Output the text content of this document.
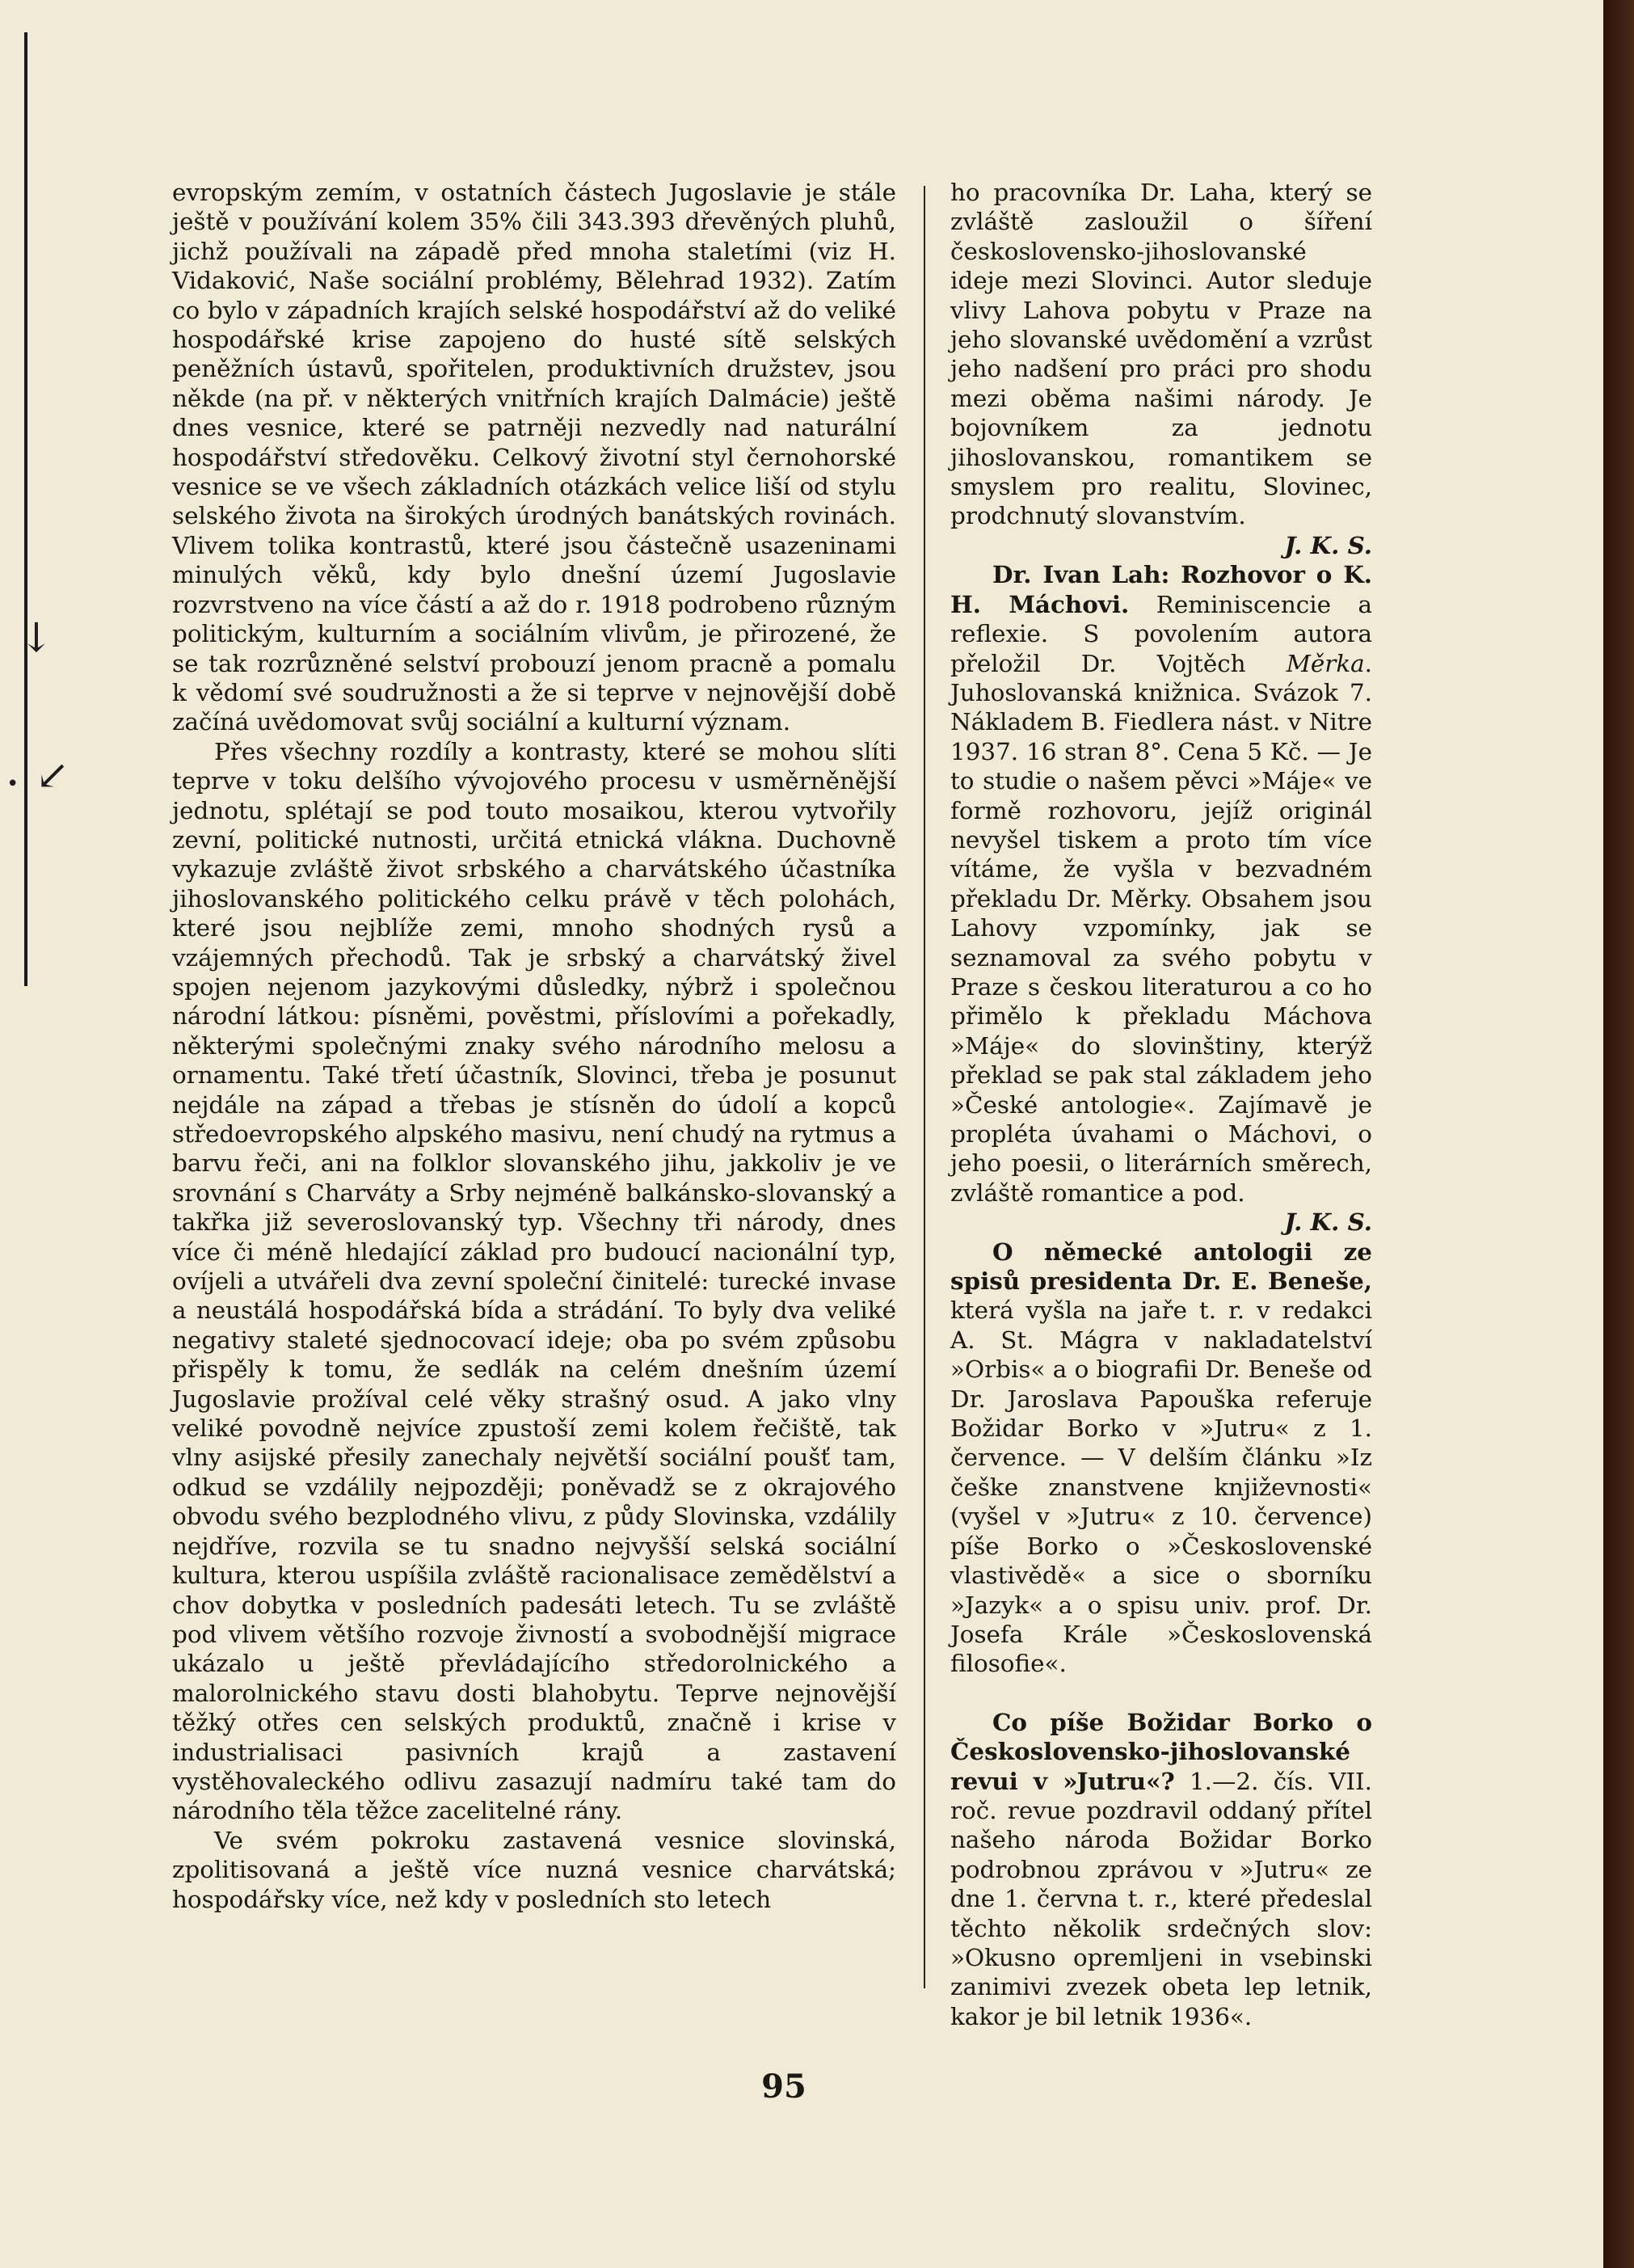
↓
↙
•

evropským zemím, v ostatních částech Jugoslavie je stále ještě v používání kolem 35% čili 343.393 dřevěných pluhů, jichž používali na západě před mnoha staletími (viz H. Vidaković, Naše sociální problémy, Bělehrad 1932). Zatím co bylo v západních krajích selské hospodářství až do veliké hospodářské krise zapojeno do husté sítě selských peněžních ústavů, spořitelen, produktivních družstev, jsou někde (na př. v některých vnitřních krajích Dalmácie) ještě dnes vesnice, které se patrněji nezvedly nad naturální hospodářství středověku. Celkový životní styl černohorské vesnice se ve všech základních otázkách velice liší od stylu selského života na širokých úrodných banátských rovinách. Vlivem tolika kontrastů, které jsou částečně usazeninami minulých věků, kdy bylo dnešní území Jugoslavie rozvrstveno na více částí a až do r. 1918 podrobeno různým politickým, kulturním a sociálním vlivům, je přirozené, že se tak rozrůzněné selství probouzí jenom pracně a pomalu k vědomí své soudružnosti a že si teprve v nejnovější době začíná uvědomovat svůj sociální a kulturní význam.

Přes všechny rozdíly a kontrasty, které se mohou slíti teprve v toku delšího vývojového procesu v usměrněnější jednotu, splétají se pod touto mosaikou, kterou vytvořily zevní, politické nutnosti, určitá etnická vlákna. Duchovně vykazuje zvláště život srbského a charvátského účastníka jihoslovanského politického celku právě v těch polohách, které jsou nejblíže zemi, mnoho shodných rysů a vzájemných přechodů. Tak je srbský a charvátský živel spojen nejenom jazykovými důsledky, nýbrž i společnou národní látkou: písněmi, pověstmi, příslovími a pořekadly, některými společnými znaky svého národního melosu a ornamentu. Také třetí účastník, Slovinci, třeba je posunut nejdále na západ a třebas je stísněn do údolí a kopců středoevropského alpského masivu, není chudý na rytmus a barvu řeči, ani na folklor slovanského jihu, jakkoliv je ve srovnání s Charváty a Srby nejméně balkánsko-slovanský a takřka již severoslovanský typ. Všechny tři národy, dnes více či méně hledající základ pro budoucí nacionální typ, ovíjeli a utvářeli dva zevní společní činitelé: turecké invase a neustálá hospodářská bída a strádání. To byly dva veliké negativy staleté sjednocovací ideje; oba po svém způsobu přispěly k tomu, že sedlák na celém dnešním území Jugoslavie prožíval celé věky strašný osud. A jako vlny veliké povodně nejvíce zpustoší zemi kolem řečiště, tak vlny asijské přesily zanechaly největší sociální poušť tam, odkud se vzdálily nejpozději; poněvadž se z okrajového obvodu svého bezplodného vlivu, z půdy Slovinska, vzdálily nejdříve, rozvila se tu snadno nejvyšší selská sociální kultura, kterou uspíšila zvláště racionalisace zemědělství a chov dobytka v posledních padesáti letech. Tu se zvláště pod vlivem většího rozvoje živností a svobodnější migrace ukázalo u ještě převládajícího středorolnického a malorolnického stavu dosti blahobytu. Teprve nejnovější těžký otřes cen selských produktů, značně i krise v industrialisaci pasivních krajů a zastavení vystěhovaleckého odlivu zasazují nadmíru také tam do národního těla těžce zacelitelné rány.

Ve svém pokroku zastavená vesnice slovinská, zpolitisovaná a ještě více nuzná vesnice charvátská; hospodářsky více, než kdy v posledních sto letech

ho pracovníka Dr. Laha, který se zvláště zasloužil o šíření československo-jihoslovanské ideje mezi Slovinci. Autor sleduje vlivy Lahova pobytu v Praze na jeho slovanské uvědomění a vzrůst jeho nadšení pro práci pro shodu mezi oběma našimi národy. Je bojovníkem za jednotu jihoslovanskou, romantikem se smyslem pro realitu, Slovinec, prodchnutý slovanstvím.

J. K. S.

Dr. Ivan Lah: Rozhovor o K. H. Máchovi. Reminiscencie a reflexie. S povolením autora přeložil Dr. Vojtěch Měrka. Juhoslovanská knižnica. Svázok 7. Nákladem B. Fiedlera nást. v Nitre 1937. 16 stran 8°. Cena 5 Kč. — Je to studie o našem pěvci »Máje« ve formě rozhovoru, jejíž originál nevyšel tiskem a proto tím více vítáme, že vyšla v bezvadném překladu Dr. Měrky. Obsahem jsou Lahovy vzpomínky, jak se seznamoval za svého pobytu v Praze s českou literaturou a co ho přimělo k překladu Máchova »Máje« do slovinštiny, kterýž překlad se pak stal základem jeho »České antologie«. Zajímavě je propléta úvahami o Máchovi, o jeho poesii, o literárních směrech, zvláště romantice a pod.

J. K. S.

O německé antologii ze spisů presidenta Dr. E. Beneše, která vyšla na jaře t. r. v redakci A. St. Mágra v nakladatelství »Orbis« a o biografii Dr. Beneše od Dr. Jaroslava Papouška referuje Božidar Borko v »Jutru« z 1. července. — V delším článku »Iz češke znanstvene književnosti« (vyšel v »Jutru« z 10. července) píše Borko o »Československé vlastivědě« a sice o sborníku »Jazyk« a o spisu univ. prof. Dr. Josefa Krále »Československá filosofie«.

Co píše Božidar Borko o Československo-jihoslovanské revui v »Jutru«? 1.—2. čís. VII. roč. revue pozdravil oddaný přítel našeho národa Božidar Borko podrobnou zprávou v »Jutru« ze dne 1. června t. r., které předeslal těchto několik srdečných slov: »Okusno opremljeni in vsebinski zanimivi zvezek obeta lep letnik, kakor je bil letnik 1936«.

95
